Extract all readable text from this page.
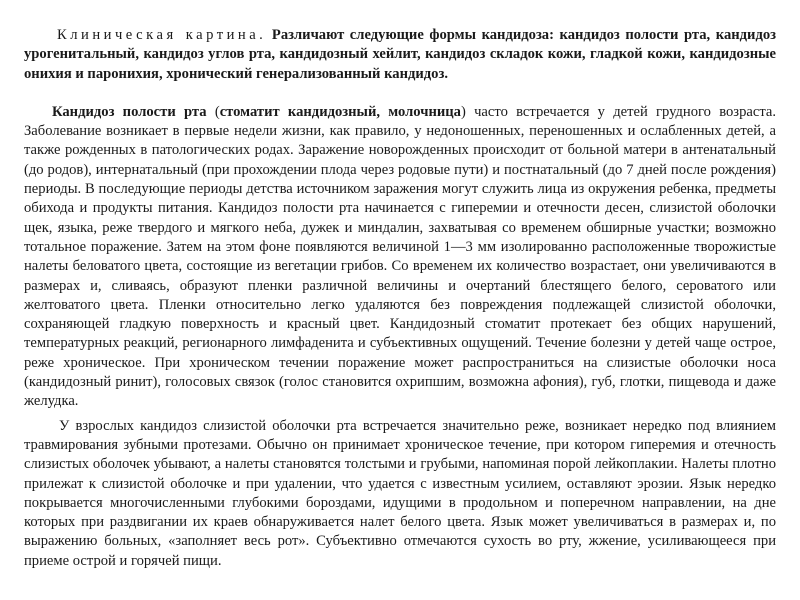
Клиническая картина. Различают следующие формы кандидоза: кандидоз полости рта, кандидоз урогенитальный, кандидоз углов рта, кандидозный хейлит, кандидоз складок кожи, гладкой кожи, кандидозные онихия и паронихия, хронический генерализованный кандидоз.

Кандидоз полости рта (стоматит кандидозный, молочница) часто встречается у детей грудного возраста. Заболевание возникает в первые недели жизни, как правило, у недоношенных, переношенных и ослабленных детей, а также рожденных в патологических родах. Заражение новорожденных происходит от больной матери в антенатальный (до родов), интернатальный (при прохождении плода через родовые пути) и постнатальный (до 7 дней после рождения) периоды. В последующие периоды детства источником заражения могут служить лица из окружения ребенка, предметы обихода и продукты питания. Кандидоз полости рта начинается с гиперемии и отечности десен, слизистой оболочки щек, языка, реже твердого и мягкого неба, дужек и миндалин, захватывая со временем обширные участки; возможно тотальное поражение. Затем на этом фоне появляются величиной 1—3 мм изолированно расположенные творожистые налеты беловатого цвета, состоящие из вегетации грибов. Со временем их количество возрастает, они увеличиваются в размерах и, сливаясь, образуют пленки различной величины и очертаний блестящего белого, сероватого или желтоватого цвета. Пленки относительно легко удаляются без повреждения подлежащей слизистой оболочки, сохраняющей гладкую поверхность и красный цвет. Кандидозный стоматит протекает без общих нарушений, температурных реакций, регионарного лимфаденита и субъективных ощущений. Течение болезни у детей чаще острое, реже хроническое. При хроническом течении поражение может распространиться на слизистые оболочки носа (кандидозный ринит), голосовых связок (голос становится охрипшим, возможна афония), губ, глотки, пищевода и даже желудка.

У взрослых кандидоз слизистой оболочки рта встречается значительно реже, возникает нередко под влиянием травмирования зубными протезами. Обычно он принимает хроническое течение, при котором гиперемия и отечность слизистых оболочек убывают, а налеты становятся толстыми и грубыми, напоминая порой лейкоплакии. Налеты плотно прилежат к слизистой оболочке и при удалении, что удается с известным усилием, оставляют эрозии. Язык нередко покрывается многочисленными глубокими бороздами, идущими в продольном и поперечном направлении, на дне которых при раздвигании их краев обнаруживается налет белого цвета. Язык может увеличиваться в размерах и, по выражению больных, «заполняет весь рот». Субъективно отмечаются сухость во рту, жжение, усиливающееся при приеме острой и горячей пищи.
